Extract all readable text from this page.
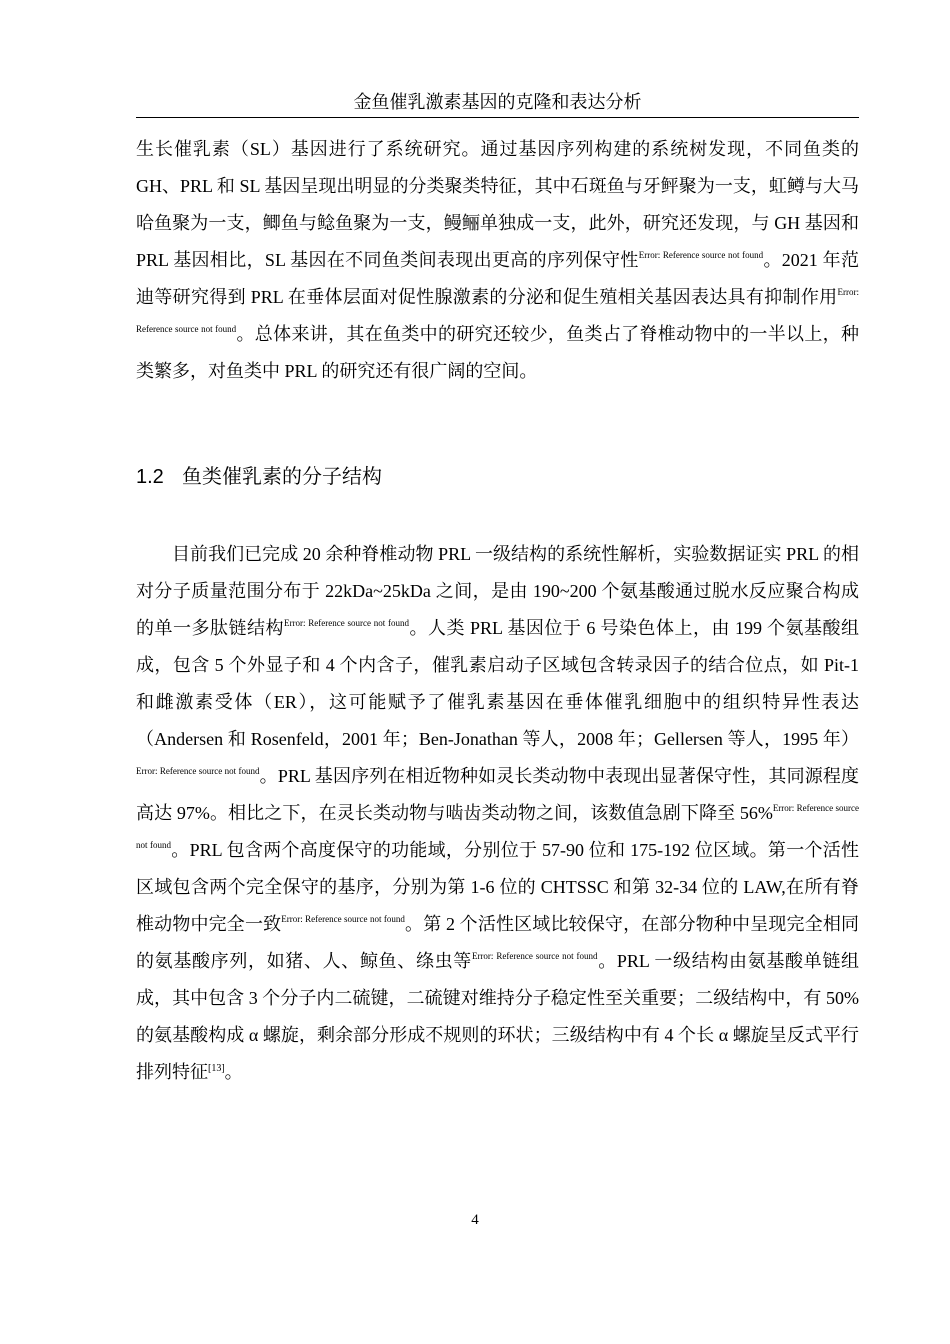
金鱼催乳激素基因的克隆和表达分析

生长催乳素（SL）基因进行了系统研究。通过基因序列构建的系统树发现，不同鱼类的 GH、PRL 和 SL 基因呈现出明显的分类聚类特征，其中石斑鱼与牙鲆聚为一支，虹鳟与大马哈鱼聚为一支，鲫鱼与鲶鱼聚为一支，鳗鲡单独成一支，此外，研究还发现，与 GH 基因和 PRL 基因相比，SL 基因在不同鱼类间表现出更高的序列保守性$^{Error: Reference source not found}$。2021 年范迪等研究得到 PRL 在垂体层面对促性腺激素的分泌和促生殖相关基因表达具有抑制作用$^{Error: Reference source not found}$。总体来讲，其在鱼类中的研究还较少，鱼类占了脊椎动物中的一半以上，种类繁多，对鱼类中 PRL 的研究还有很广阔的空间。

1.2 鱼类催乳素的分子结构

目前我们已完成 20 余种脊椎动物 PRL 一级结构的系统性解析，实验数据证实 PRL 的相对分子质量范围分布于 22kDa~25kDa 之间，是由 190~200 个氨基酸通过脱水反应聚合构成的单一多肽链结构$^{Error: Reference source not found}$。人类 PRL 基因位于 6 号染色体上，由 199 个氨基酸组成，包含 5 个外显子和 4 个内含子，催乳素启动子区域包含转录因子的结合位点，如 Pit-1 和雌激素受体（ER），这可能赋予了催乳素基因在垂体催乳细胞中的组织特异性表达（Andersen 和 Rosenfeld，2001 年；Ben-Jonathan 等人，2008 年；Gellersen 等人，1995 年）$^{Error: Reference source not found}$。PRL 基因序列在相近物种如灵长类动物中表现出显著保守性，其同源程度高达 97%。相比之下，在灵长类动物与啮齿类动物之间，该数值急剧下降至 56%$^{Error: Reference source not found}$。PRL 包含两个高度保守的功能域，分别位于 57-90 位和 175-192 位区域。第一个活性区域包含两个完全保守的基序，分别为第 1-6 位的 CHTSSC 和第 32-34 位的 LAW,在所有脊椎动物中完全一致$^{Error: Reference source not found}$。第 2 个活性区域比较保守，在部分物种中呈现完全相同的氨基酸序列，如猪、人、鲸鱼、绦虫等$^{Error: Reference source not found}$。PRL 一级结构由氨基酸单链组成，其中包含 3 个分子内二硫键，二硫键对维持分子稳定性至关重要；二级结构中，有 50%的氨基酸构成 α 螺旋，剩余部分形成不规则的环状；三级结构中有 4 个长 α 螺旋呈反式平行排列特征[13]。

4
